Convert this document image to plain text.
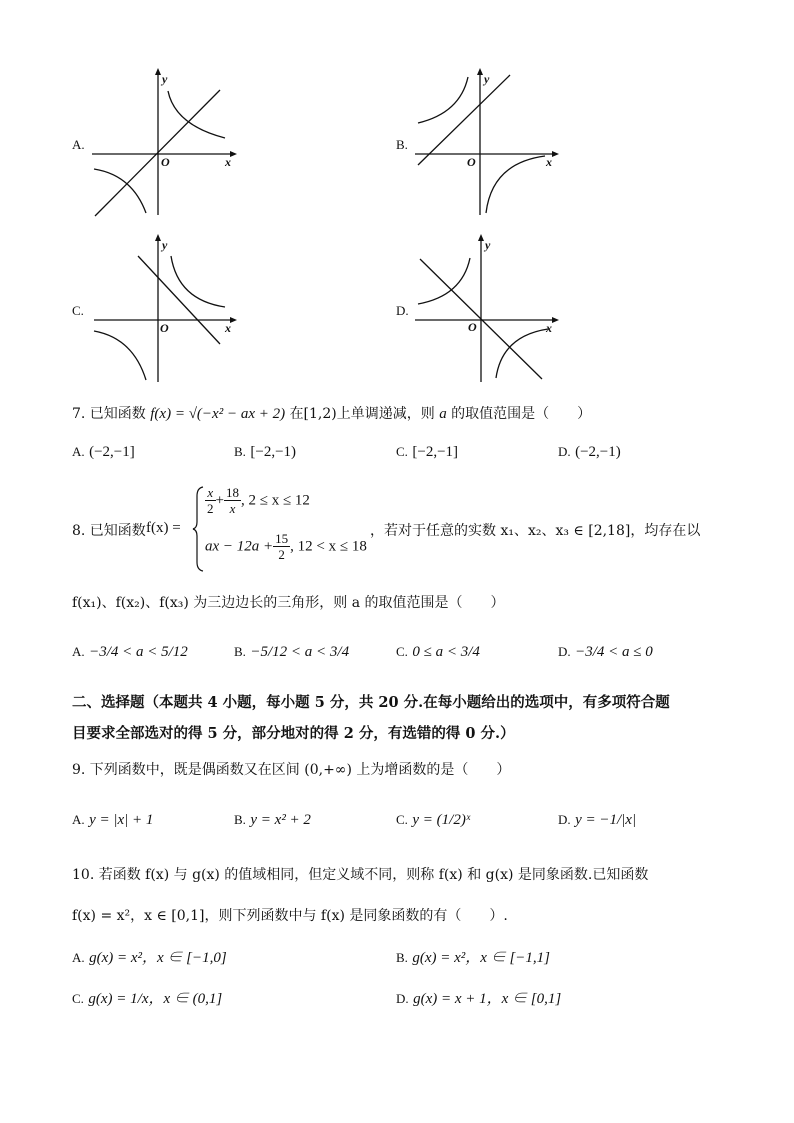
A.
y
x
O
B.
y
x
O
C.
y
x
O
D.
y
x
O
7. 已知函数 f(x) = √(−x² − ax + 2) 在[1,2)上单调递减，则 a 的取值范围是（　　）
A. (−2,−1]	B. [−2,−1)	C. [−2,−1]	D. (−2,−1)
8. 已知函数 f(x) =
$\frac{x}{2} + \frac{18}{x}$ , 2 ≤ x ≤ 12
ax − $12a + \frac{15}{2}$ , 12 < x ≤ 18
，若对于任意的实数 x₁、x₂、x₃ ∈ [2,18]，均存在以
f(x₁)、f(x₂)、f(x₃) 为三边边长的三角形，则 a 的取值范围是（　　）
A. −3/4 < a < 5/12	B. −5/12 < a < 3/4	C. 0 ≤ a < 3/4	D. −3/4 < a ≤ 0
二、选择题（本题共 4 小题，每小题 5 分，共 20 分.在每小题给出的选项中，有多项符合题
目要求全部选对的得 5 分，部分地对的得 2 分，有选错的得 0 分.）
9. 下列函数中，既是偶函数又在区间 (0,+∞) 上为增函数的是（　　）
A. y = |x| + 1	B. y = x² + 2	C. y = (1/2)ˣ	D. y = −1/|x|
10. 若函数 f(x) 与 g(x) 的值域相同，但定义域不同，则称 f(x) 和 g(x) 是同象函数.已知函数
f(x) = x²，x ∈ [0,1]，则下列函数中与 f(x) 是同象函数的有（　　）.
A. g(x) = x²，x ∈ [−1,0]	B. g(x) = x²，x ∈ [−1,1]
C. g(x) = 1/x，x ∈ (0,1]	D. g(x) = x + 1，x ∈ [0,1]
